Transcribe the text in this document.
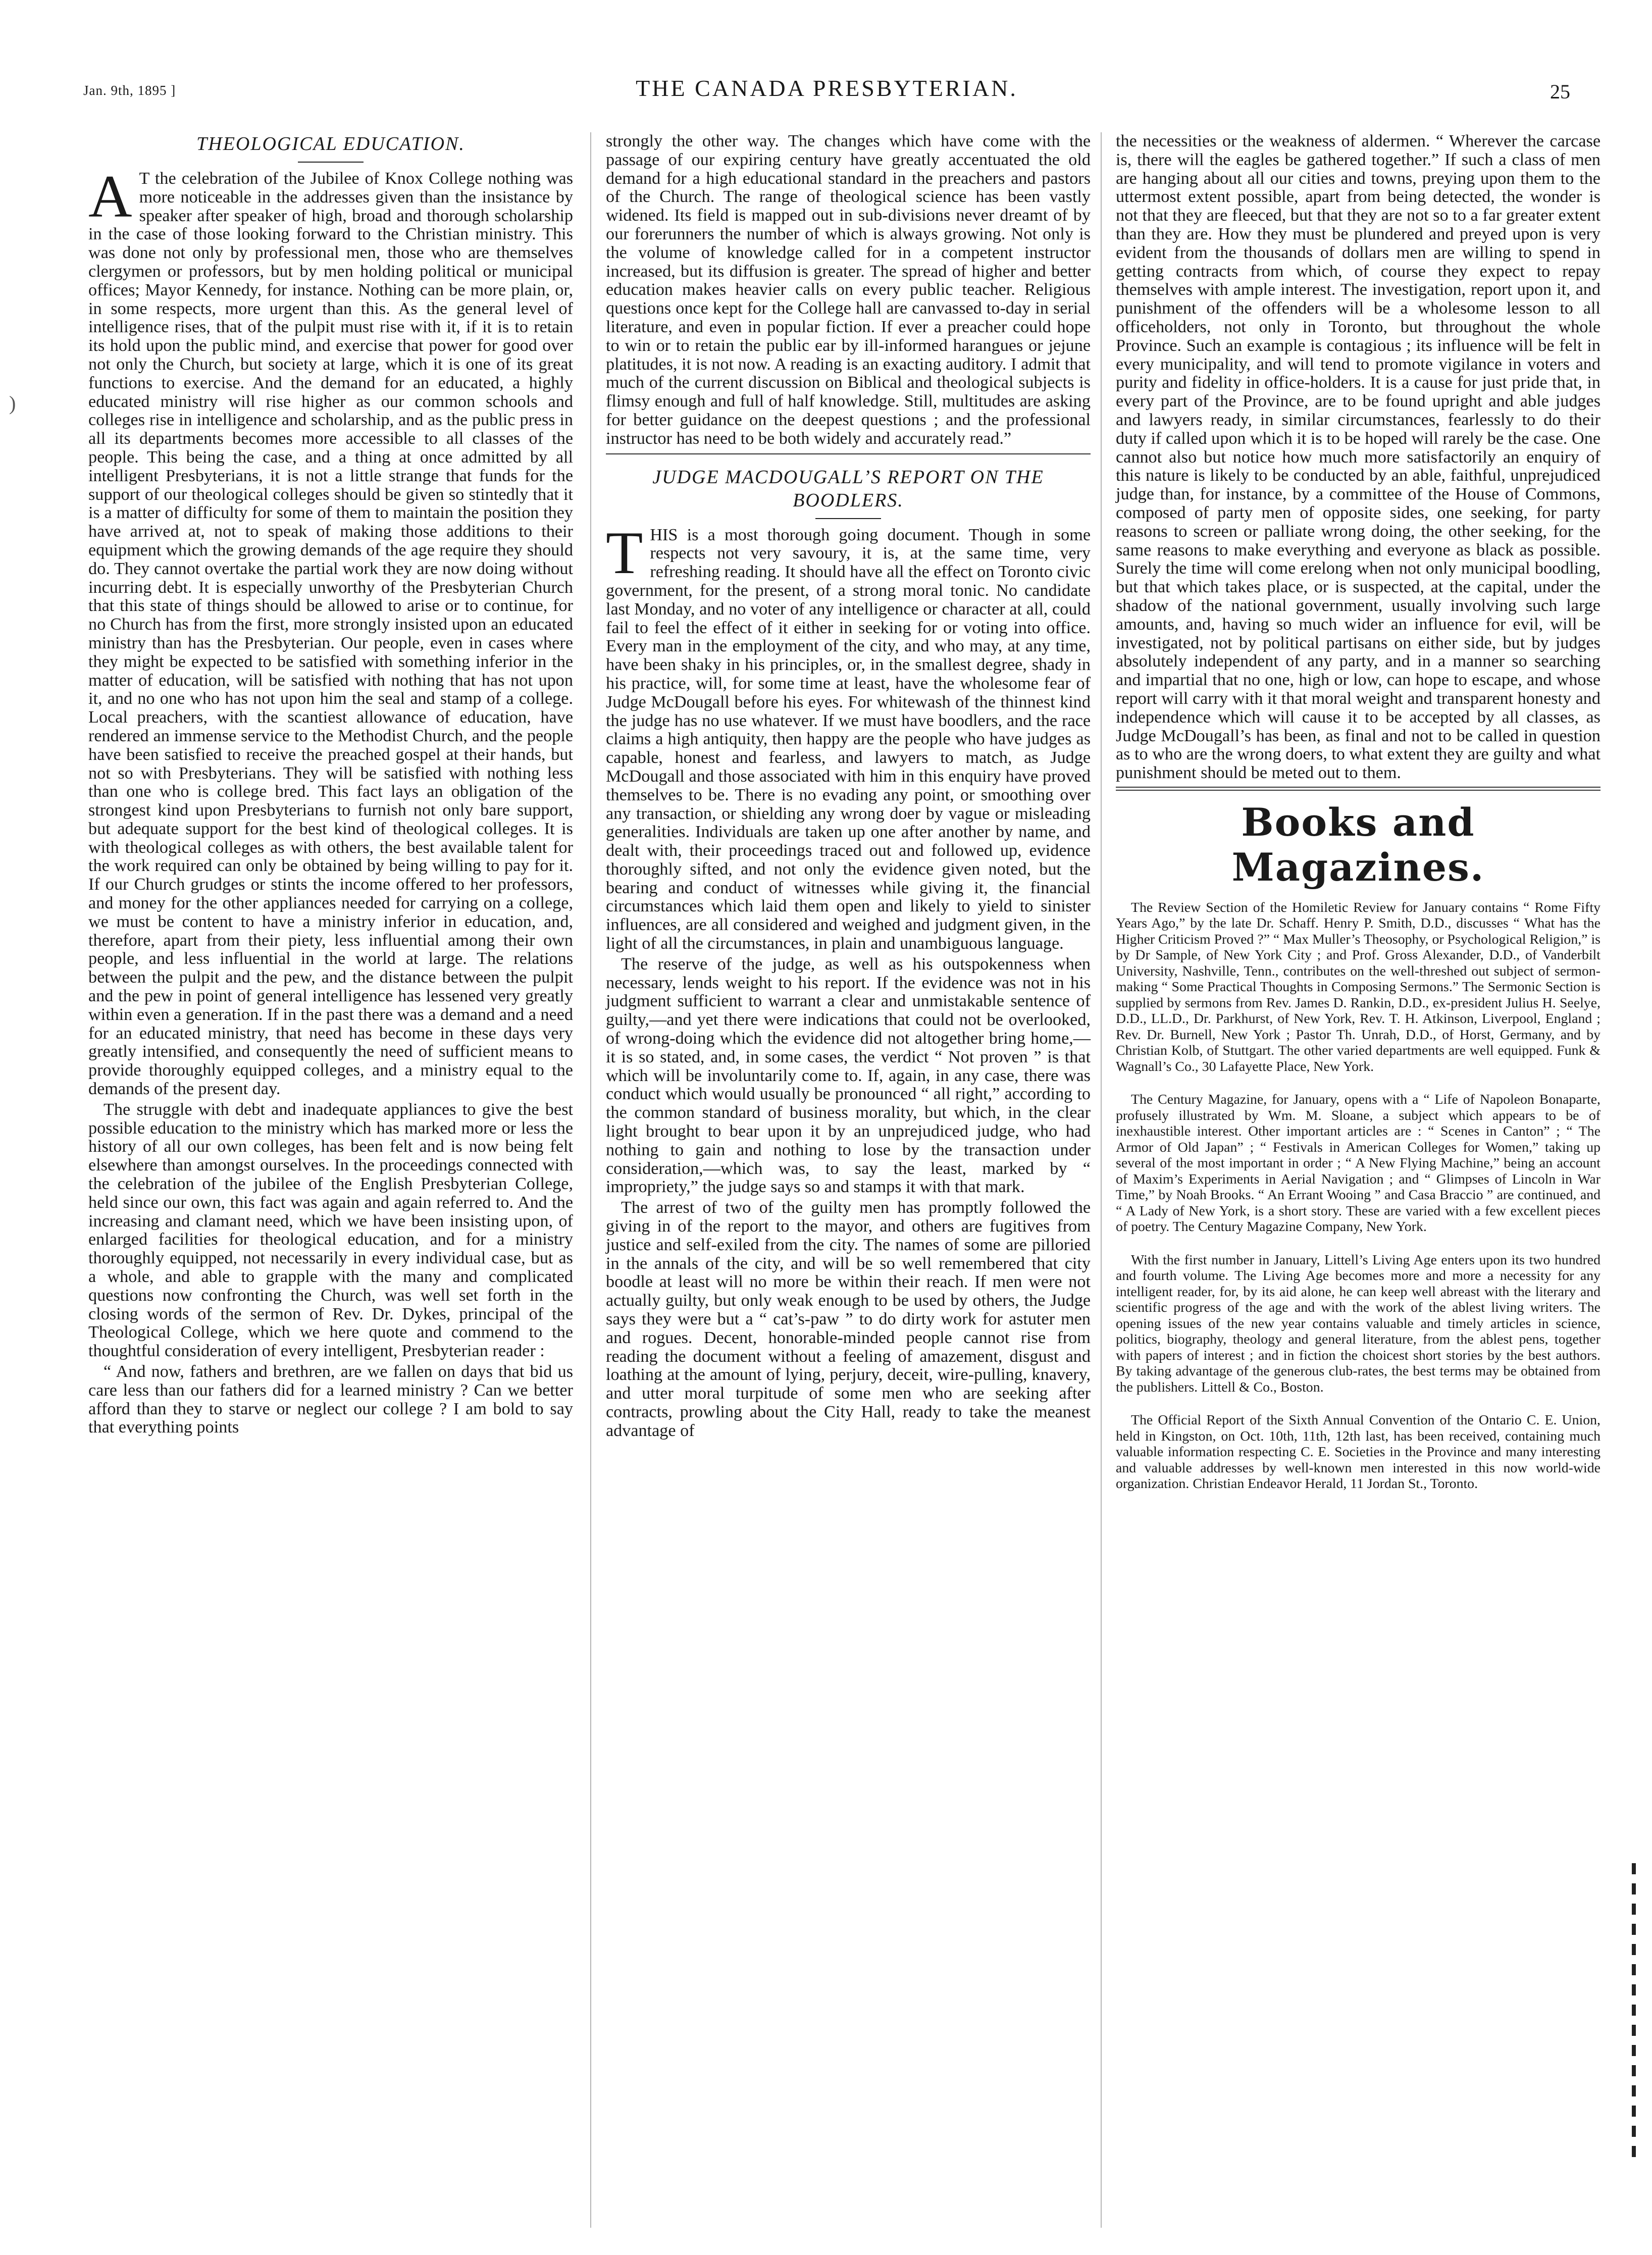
Jan. 9th, 1895 ]	THE CANADA PRESBYTERIAN.	25
)
THEOLOGICAL EDUCATION.

A T the celebration of the Jubilee of Knox College nothing was more noticeable in the addresses given than the insistance by speaker after speaker of high, broad and thorough scholarship in the case of those looking forward to the Christian ministry. This was done not only by professional men, those who are themselves clergymen or professors, but by men holding political or municipal offices; Mayor Kennedy, for instance. Nothing can be more plain, or, in some respects, more urgent than this. As the general level of intelligence rises, that of the pulpit must rise with it, if it is to retain its hold upon the public mind, and exercise that power for good over not only the Church, but society at large, which it is one of its great functions to exercise. And the demand for an educated, a highly educated ministry will rise higher as our common schools and colleges rise in intelligence and scholarship, and as the public press in all its departments becomes more accessible to all classes of the people. This being the case, and a thing at once admitted by all intelligent Presbyterians, it is not a little strange that funds for the support of our theological colleges should be given so stintedly that it is a matter of difficulty for some of them to maintain the position they have arrived at, not to speak of making those additions to their equipment which the growing demands of the age require they should do. They cannot overtake the partial work they are now doing without incurring debt. It is especially unworthy of the Presbyterian Church that this state of things should be allowed to arise or to continue, for no Church has from the first, more strongly insisted upon an educated ministry than has the Presbyterian. Our people, even in cases where they might be expected to be satisfied with something inferior in the matter of education, will be satisfied with nothing that has not upon it, and no one who has not upon him the seal and stamp of a college. Local preachers, with the scantiest allowance of education, have rendered an immense service to the Methodist Church, and the people have been satisfied to receive the preached gospel at their hands, but not so with Presbyterians. They will be satisfied with nothing less than one who is college bred. This fact lays an obligation of the strongest kind upon Presbyterians to furnish not only bare support, but adequate support for the best kind of theological colleges. It is with theological colleges as with others, the best available talent for the work required can only be obtained by being willing to pay for it. If our Church grudges or stints the income offered to her professors, and money for the other appliances needed for carrying on a college, we must be content to have a ministry inferior in education, and, therefore, apart from their piety, less influential among their own people, and less influential in the world at large. The relations between the pulpit and the pew, and the distance between the pulpit and the pew in point of general intelligence has lessened very greatly within even a generation. If in the past there was a demand and a need for an educated ministry, that need has become in these days very greatly intensified, and consequently the need of sufficient means to provide thoroughly equipped colleges, and a ministry equal to the demands of the present day.

The struggle with debt and inadequate appliances to give the best possible education to the ministry which has marked more or less the history of all our own colleges, has been felt and is now being felt elsewhere than amongst ourselves. In the proceedings connected with the celebration of the jubilee of the English Presbyterian College, held since our own, this fact was again and again referred to. And the increasing and clamant need, which we have been insisting upon, of enlarged facilities for theological education, and for a ministry thoroughly equipped, not necessarily in every individual case, but as a whole, and able to grapple with the many and complicated questions now confronting the Church, was well set forth in the closing words of the sermon of Rev. Dr. Dykes, principal of the Theological College, which we here quote and commend to the thoughtful consideration of every intelligent, Presbyterian reader :

“ And now, fathers and brethren, are we fallen on days that bid us care less than our fathers did for a learned ministry ? Can we better afford than they to starve or neglect our college ? I am bold to say that everything points

strongly the other way. The changes which have come with the passage of our expiring century have greatly accentuated the old demand for a high educational standard in the preachers and pastors of the Church. The range of theological science has been vastly widened. Its field is mapped out in sub-divisions never dreamt of by our forerunners the number of which is always growing. Not only is the volume of knowledge called for in a competent instructor increased, but its diffusion is greater. The spread of higher and better education makes heavier calls on every public teacher. Religious questions once kept for the College hall are canvassed to-day in serial literature, and even in popular fiction. If ever a preacher could hope to win or to retain the public ear by ill-informed harangues or jejune platitudes, it is not now. A reading is an exacting auditory. I admit that much of the current discussion on Biblical and theological subjects is flimsy enough and full of half knowledge. Still, multitudes are asking for better guidance on the deepest questions ; and the professional instructor has need to be both widely and accurately read.”

JUDGE MACDOUGALL’S REPORT ON THE BOODLERS.

T HIS is a most thorough going document. Though in some respects not very savoury, it is, at the same time, very refreshing reading. It should have all the effect on Toronto civic government, for the present, of a strong moral tonic. No candidate last Monday, and no voter of any intelligence or character at all, could fail to feel the effect of it either in seeking for or voting into office. Every man in the employment of the city, and who may, at any time, have been shaky in his principles, or, in the smallest degree, shady in his practice, will, for some time at least, have the wholesome fear of Judge McDougall before his eyes. For whitewash of the thinnest kind the judge has no use whatever. If we must have boodlers, and the race claims a high antiquity, then happy are the people who have judges as capable, honest and fearless, and lawyers to match, as Judge McDougall and those associated with him in this enquiry have proved themselves to be. There is no evading any point, or smoothing over any transaction, or shielding any wrong doer by vague or misleading generalities. Individuals are taken up one after another by name, and dealt with, their proceedings traced out and followed up, evidence thoroughly sifted, and not only the evidence given noted, but the bearing and conduct of witnesses while giving it, the financial circumstances which laid them open and likely to yield to sinister influences, are all considered and weighed and judgment given, in the light of all the circumstances, in plain and unambiguous language.

The reserve of the judge, as well as his outspokenness when necessary, lends weight to his report. If the evidence was not in his judgment sufficient to warrant a clear and unmistakable sentence of guilty,—and yet there were indications that could not be overlooked, of wrong-doing which the evidence did not altogether bring home,—it is so stated, and, in some cases, the verdict “ Not proven ” is that which will be involuntarily come to. If, again, in any case, there was conduct which would usually be pronounced “ all right,” according to the common standard of business morality, but which, in the clear light brought to bear upon it by an unprejudiced judge, who had nothing to gain and nothing to lose by the transaction under consideration,—which was, to say the least, marked by “ impropriety,” the judge says so and stamps it with that mark.

The arrest of two of the guilty men has promptly followed the giving in of the report to the mayor, and others are fugitives from justice and self-exiled from the city. The names of some are pilloried in the annals of the city, and will be so well remembered that city boodle at least will no more be within their reach. If men were not actually guilty, but only weak enough to be used by others, the Judge says they were but a “ cat’s-paw ” to do dirty work for astuter men and rogues. Decent, honorable-minded people cannot rise from reading the document without a feeling of amazement, disgust and loathing at the amount of lying, perjury, deceit, wire-pulling, knavery, and utter moral turpitude of some men who are seeking after contracts, prowling about the City Hall, ready to take the meanest advantage of

the necessities or the weakness of aldermen. “ Wherever the carcase is, there will the eagles be gathered together.” If such a class of men are hanging about all our cities and towns, preying upon them to the uttermost extent possible, apart from being detected, the wonder is not that they are fleeced, but that they are not so to a far greater extent than they are. How they must be plundered and preyed upon is very evident from the thousands of dollars men are willing to spend in getting contracts from which, of course they expect to repay themselves with ample interest. The investigation, report upon it, and punishment of the offenders will be a wholesome lesson to all officeholders, not only in Toronto, but throughout the whole Province. Such an example is contagious ; its influence will be felt in every municipality, and will tend to promote vigilance in voters and purity and fidelity in office-holders. It is a cause for just pride that, in every part of the Province, are to be found upright and able judges and lawyers ready, in similar circumstances, fearlessly to do their duty if called upon which it is to be hoped will rarely be the case. One cannot also but notice how much more satisfactorily an enquiry of this nature is likely to be conducted by an able, faithful, unprejudiced judge than, for instance, by a committee of the House of Commons, composed of party men of opposite sides, one seeking, for party reasons to screen or palliate wrong doing, the other seeking, for the same reasons to make everything and everyone as black as possible. Surely the time will come erelong when not only municipal boodling, but that which takes place, or is suspected, at the capital, under the shadow of the national government, usually involving such large amounts, and, having so much wider an influence for evil, will be investigated, not by political partisans on either side, but by judges absolutely independent of any party, and in a manner so searching and impartial that no one, high or low, can hope to escape, and whose report will carry with it that moral weight and transparent honesty and independence which will cause it to be accepted by all classes, as Judge McDougall’s has been, as final and not to be called in question as to who are the wrong doers, to what extent they are guilty and what punishment should be meted out to them.

Books and Magazines.

The Review Section of the Homiletic Review for January contains “ Rome Fifty Years Ago,” by the late Dr. Schaff. Henry P. Smith, D.D., discusses “ What has the Higher Criticism Proved ?” “ Max Muller’s Theosophy, or Psychological Religion,” is by Dr Sample, of New York City ; and Prof. Gross Alexander, D.D., of Vanderbilt University, Nashville, Tenn., contributes on the well-threshed out subject of sermon-making “ Some Practical Thoughts in Composing Sermons.” The Sermonic Section is supplied by sermons from Rev. James D. Rankin, D.D., ex-president Julius H. Seelye, D.D., LL.D., Dr. Parkhurst, of New York, Rev. T. H. Atkinson, Liverpool, England ; Rev. Dr. Burnell, New York ; Pastor Th. Unrah, D.D., of Horst, Germany, and by Christian Kolb, of Stuttgart. The other varied departments are well equipped. Funk & Wagnall’s Co., 30 Lafayette Place, New York.

The Century Magazine, for January, opens with a “ Life of Napoleon Bonaparte, profusely illustrated by Wm. M. Sloane, a subject which appears to be of inexhaustible interest. Other important articles are : “ Scenes in Canton” ; “ The Armor of Old Japan” ; “ Festivals in American Colleges for Women,” taking up several of the most important in order ; “ A New Flying Machine,” being an account of Maxim’s Experiments in Aerial Navigation ; and “ Glimpses of Lincoln in War Time,” by Noah Brooks. “ An Errant Wooing ” and Casa Braccio ” are continued, and “ A Lady of New York, is a short story. These are varied with a few excellent pieces of poetry. The Century Magazine Company, New York.

With the first number in January, Littell’s Living Age enters upon its two hundred and fourth volume. The Living Age becomes more and more a necessity for any intelligent reader, for, by its aid alone, he can keep well abreast with the literary and scientific progress of the age and with the work of the ablest living writers. The opening issues of the new year contains valuable and timely articles in science, politics, biography, theology and general literature, from the ablest pens, together with papers of interest ; and in fiction the choicest short stories by the best authors. By taking advantage of the generous club-rates, the best terms may be obtained from the publishers. Littell & Co., Boston.

The Official Report of the Sixth Annual Convention of the Ontario C. E. Union, held in Kingston, on Oct. 10th, 11th, 12th last, has been received, containing much valuable information respecting C. E. Societies in the Province and many interesting and valuable addresses by well-known men interested in this now world-wide organization. Christian Endeavor Herald, 11 Jordan St., Toronto.
